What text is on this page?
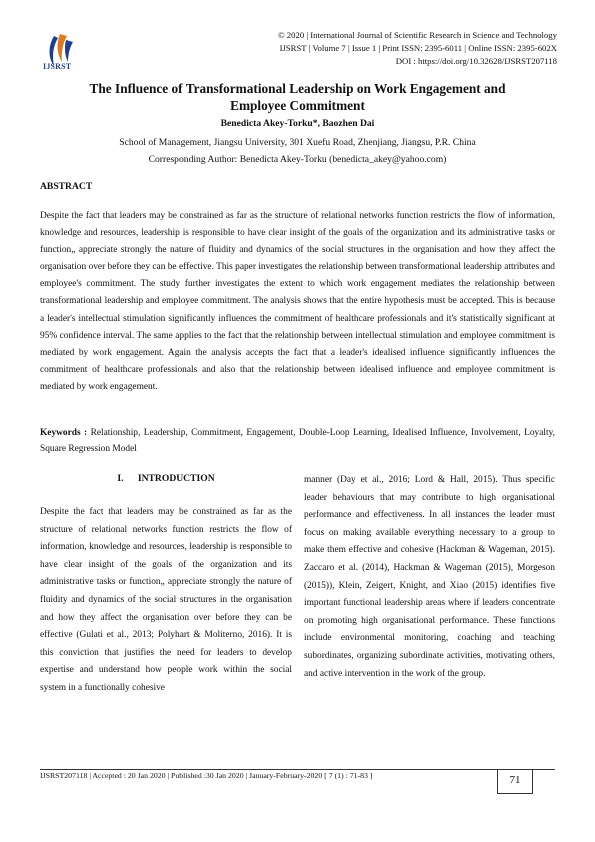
IJSRST
© 2020 | International Journal of Scientific Research in Science and Technology
IJSRST | Volume 7 | Issue 1 | Print ISSN: 2395-6011 | Online ISSN: 2395-602X
DOI : https://doi.org/10.32628/IJSRST207118
The Influence of Transformational Leadership on Work Engagement and
Employee Commitment
Benedicta Akey-Torku*, Baozhen Dai
School of Management, Jiangsu University, 301 Xuefu Road, Zhenjiang, Jiangsu, P.R. China
Corresponding Author: Benedicta Akey-Torku (benedicta_akey@yahoo.com)
ABSTRACT
Despite the fact that leaders may be constrained as far as the structure of relational networks function restricts the flow of information, knowledge and resources, leadership is responsible to have clear insight of the goals of the organization and its administrative tasks or function„ appreciate strongly the nature of fluidity and dynamics of the social structures in the organisation and how they affect the organisation over before they can be effective. This paper investigates the relationship between transformational leadership attributes and employee's commitment. The study further investigates the extent to which work engagement mediates the relationship between transformational leadership and employee commitment. The analysis shows that the entire hypothesis must be accepted. This is because a leader's intellectual stimulation significantly influences the commitment of healthcare professionals and it's statistically significant at 95% confidence interval. The same applies to the fact that the relationship between intellectual stimulation and employee commitment is mediated by work engagement. Again the analysis accepts the fact that a leader's idealised influence significantly influences the commitment of healthcare professionals and also that the relationship between idealised influence and employee commitment is mediated by work engagement.
Keywords : Relationship, Leadership, Commitment, Engagement, Double-Loop Learning, Idealised Influence, Involvement, Loyalty, Square Regression Model
I.      INTRODUCTION
Despite the fact that leaders may be constrained as far as the structure of relational networks function restricts the flow of information, knowledge and resources, leadership is responsible to have clear insight of the goals of the organization and its administrative tasks or function„ appreciate strongly the nature of fluidity and dynamics of the social structures in the organisation and how they affect the organisation over before they can be effective (Gulati et al., 2013; Polyhart & Moliterno, 2016). It is this conviction that justifies the need for leaders to develop expertise and understand how people work within the social system in a functionally cohesive
manner (Day et al., 2016; Lord & Hall, 2015). Thus specific leader behaviours that may contribute to high organisational performance and effectiveness. In all instances the leader must focus on making available everything necessary to a group to make them effective and cohesive (Hackman & Wageman, 2015). Zaccaro et al. (2014), Hackman & Wageman (2015), Morgeson (2015)), Klein, Zeigert, Knight, and Xiao (2015) identifies five important functional leadership areas where if leaders concentrate on promoting high organisational performance. These functions include environmental monitoring, coaching and teaching subordinates, organizing subordinate activities, motivating others, and active intervention in the work of the group.
IJSRST207118 | Accepted : 20 Jan 2020 | Published :30 Jan 2020 | January-February-2020 [ 7 (1) : 71-83 ]	71
